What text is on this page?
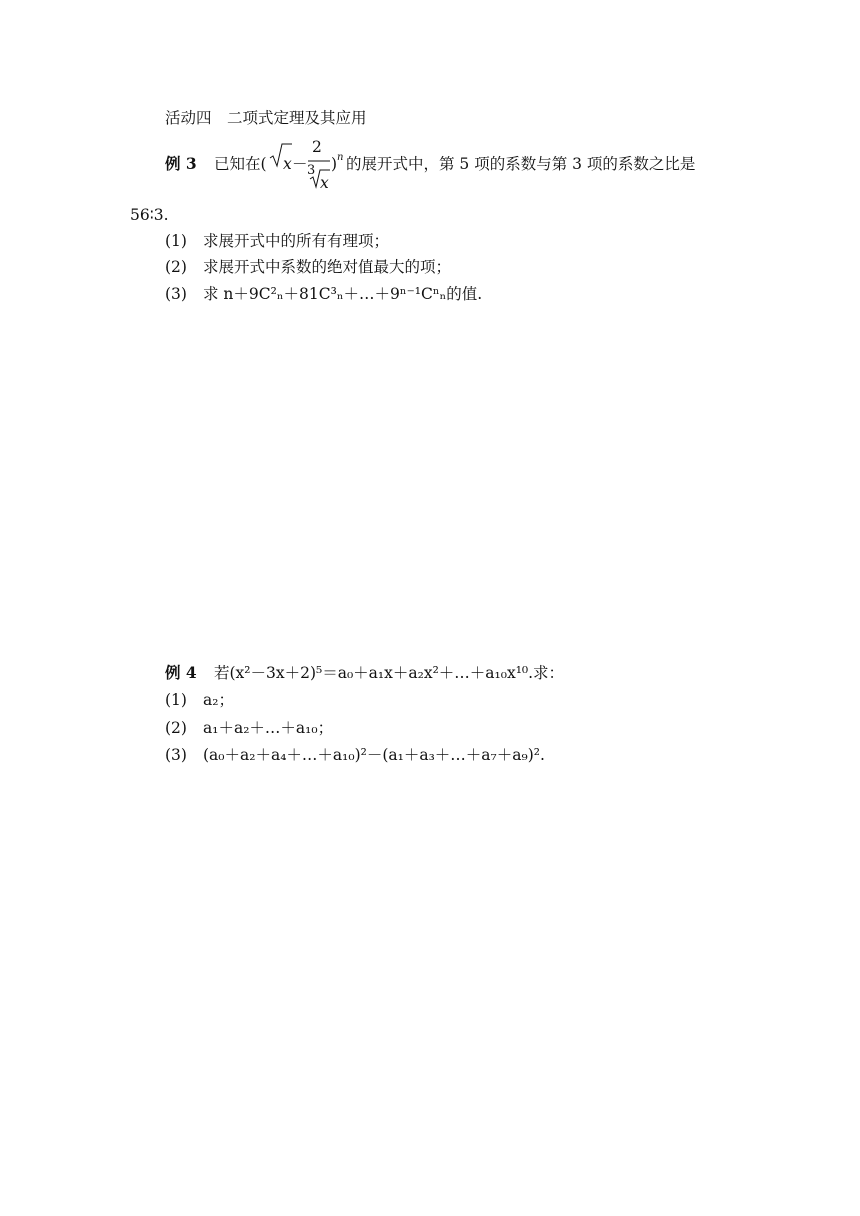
活动四　二项式定理及其应用
例 3 已知在( x －
2
3
x
) n 的展开式中，第 5 项的系数与第 3 项的系数之比是
56∶3.
(1) 求展开式中的所有有理项；
(2) 求展开式中系数的绝对值最大的项；
(3) 求 n＋9C²ₙ＋81C³ₙ＋…＋9ⁿ⁻¹Cⁿₙ的值.
例 4 若(x²－3x＋2)⁵＝a₀＋a₁x＋a₂x²＋…＋a₁₀x¹⁰.求：
(1) a₂；
(2) a₁＋a₂＋…＋a₁₀；
(3) (a₀＋a₂＋a₄＋…＋a₁₀)²－(a₁＋a₃＋…＋a₇＋a₉)².
